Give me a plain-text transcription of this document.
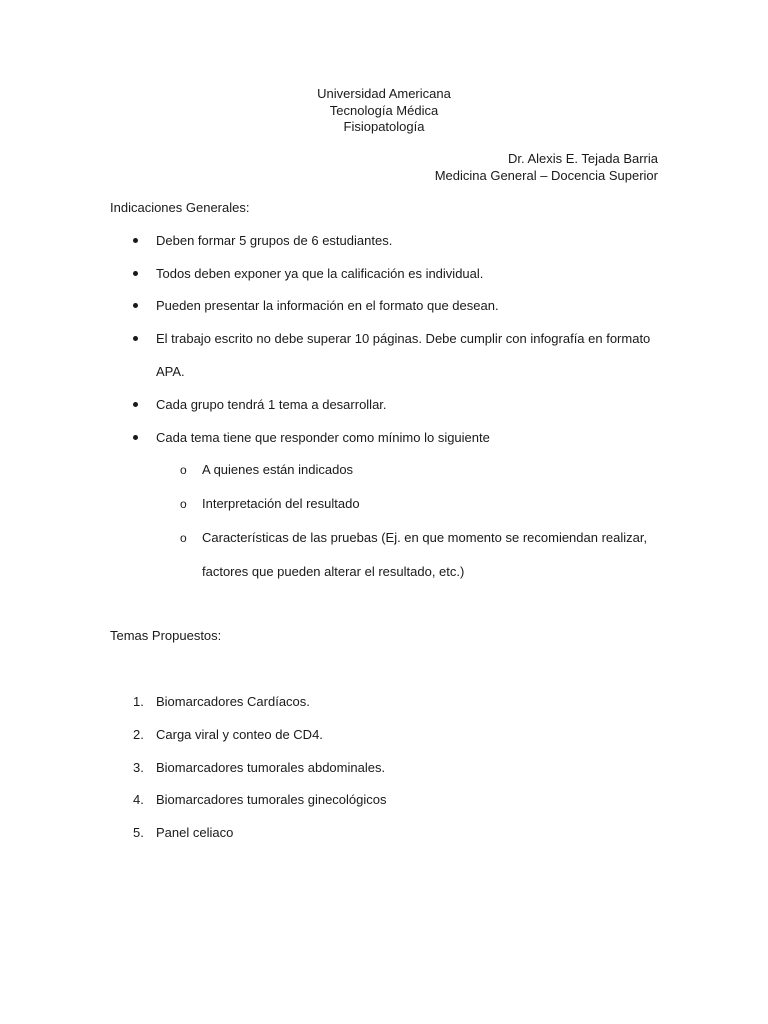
Universidad Americana
Tecnología Médica
Fisiopatología
Dr. Alexis E. Tejada Barria
Medicina General – Docencia Superior
Indicaciones Generales:
Deben formar 5 grupos de 6 estudiantes.
Todos deben exponer ya que la calificación es individual.
Pueden presentar la información en el formato que desean.
El trabajo escrito no debe superar 10 páginas. Debe cumplir con infografía en formato
APA.
Cada grupo tendrá 1 tema a desarrollar.
Cada tema tiene que responder como mínimo lo siguiente
o A quienes están indicados
o Interpretación del resultado
o Características de las pruebas (Ej. en que momento se recomiendan realizar,
factores que pueden alterar el resultado, etc.)
Temas Propuestos:
1. Biomarcadores Cardíacos.
2. Carga viral y conteo de CD4.
3. Biomarcadores tumorales abdominales.
4. Biomarcadores tumorales ginecológicos
5. Panel celiaco
